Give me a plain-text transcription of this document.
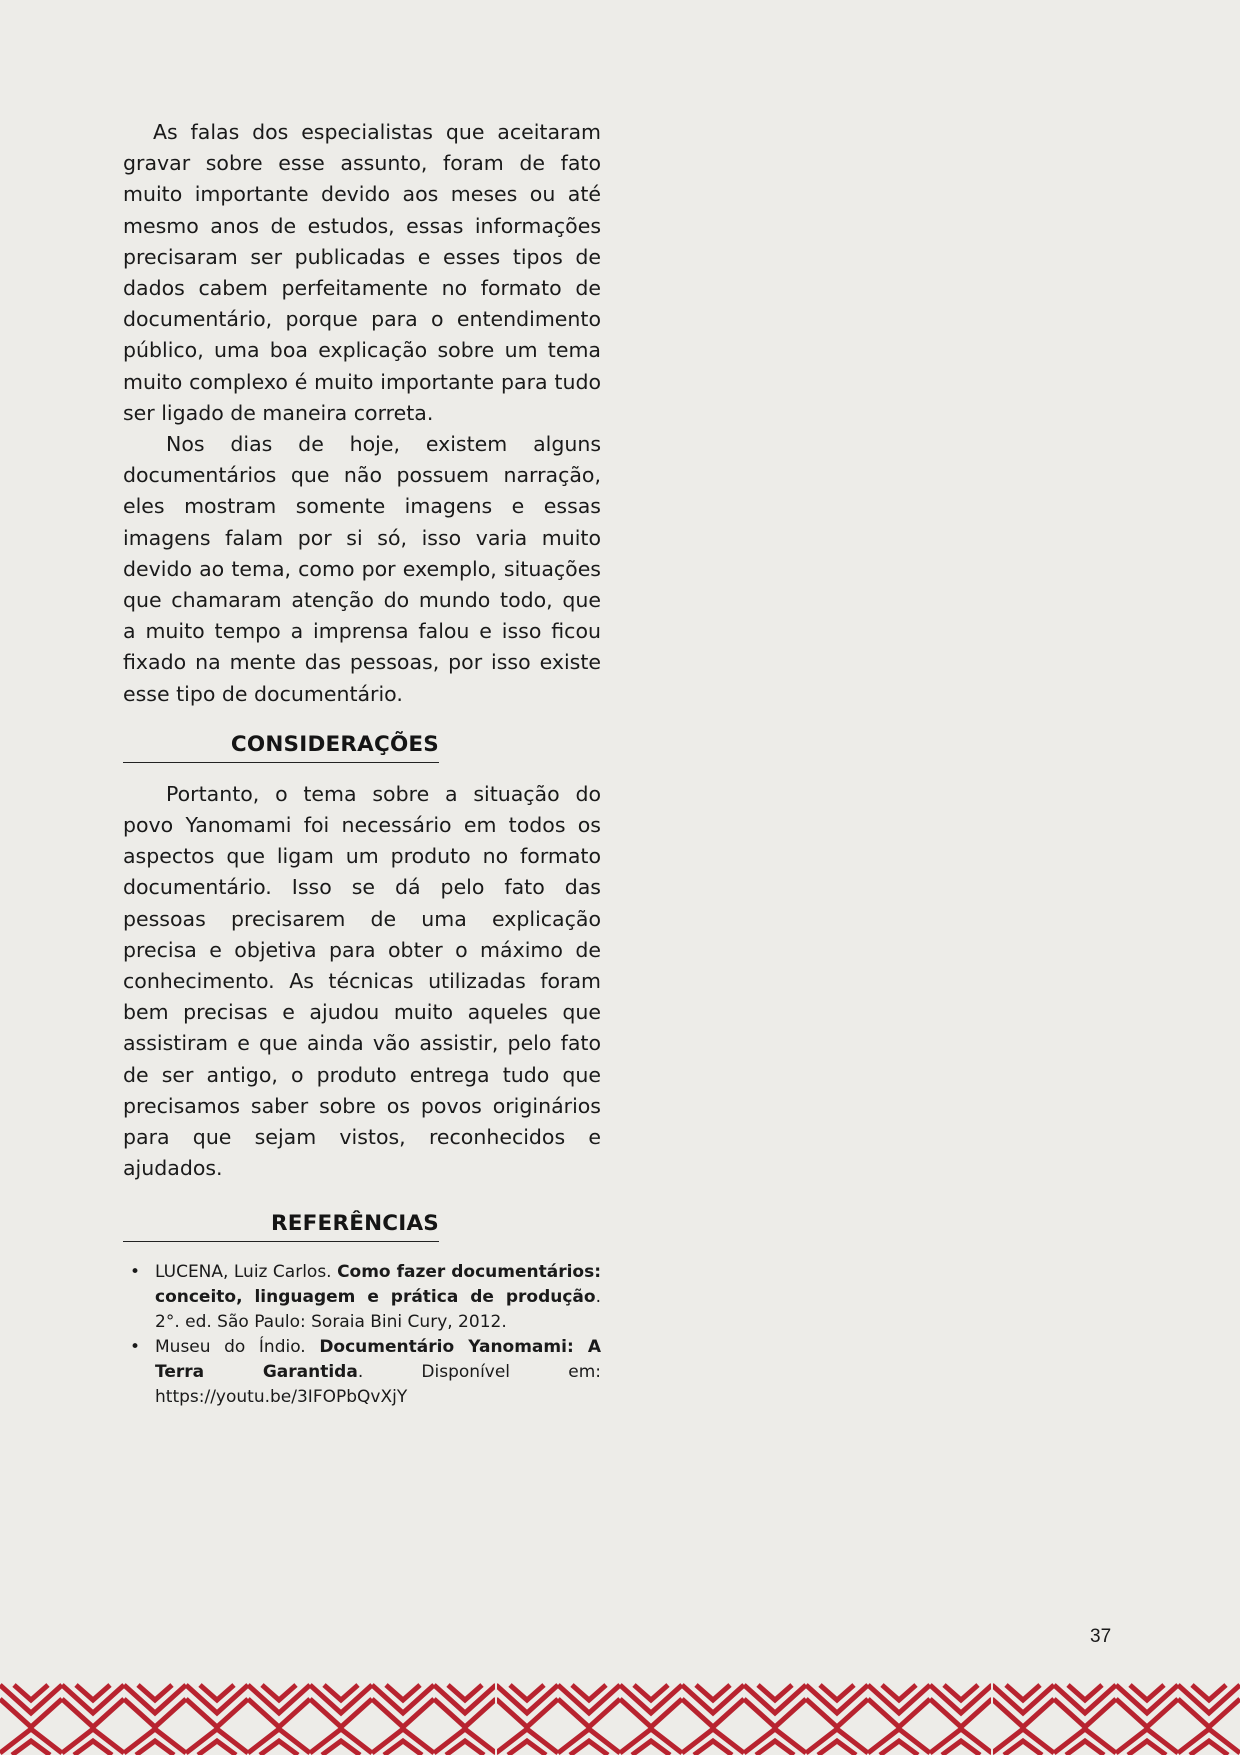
As falas dos especialistas que aceitaram gravar sobre esse assunto, foram de fato muito importante devido aos meses ou até mesmo anos de estudos, essas informações precisaram ser publicadas e esses tipos de dados cabem perfeitamente no formato de documentário, porque para o entendimento público, uma boa explicação sobre um tema muito complexo é muito importante para tudo ser ligado de maneira correta.

Nos dias de hoje, existem alguns documentários que não possuem narração, eles mostram somente imagens e essas imagens falam por si só, isso varia muito devido ao tema, como por exemplo, situações que chamaram atenção do mundo todo, que a muito tempo a imprensa falou e isso ficou fixado na mente das pessoas, por isso existe esse tipo de documentário.

CONSIDERAÇÕES

Portanto, o tema sobre a situação do povo Yanomami foi necessário em todos os aspectos que ligam um produto no formato documentário. Isso se dá pelo fato das pessoas precisarem de uma explicação precisa e objetiva para obter o máximo de conhecimento. As técnicas utilizadas foram bem precisas e ajudou muito aqueles que assistiram e que ainda vão assistir, pelo fato de ser antigo, o produto entrega tudo que precisamos saber sobre os povos originários para que sejam vistos, reconhecidos e ajudados.

REFERÊNCIAS
• LUCENA, Luiz Carlos. Como fazer documentários: conceito, linguagem e prática de produção. 2°. ed. São Paulo: Soraia Bini Cury, 2012.
• Museu do Índio. Documentário Yanomami: A Terra Garantida. Disponível em: https://youtu.be/3IFOPbQvXjY
37
